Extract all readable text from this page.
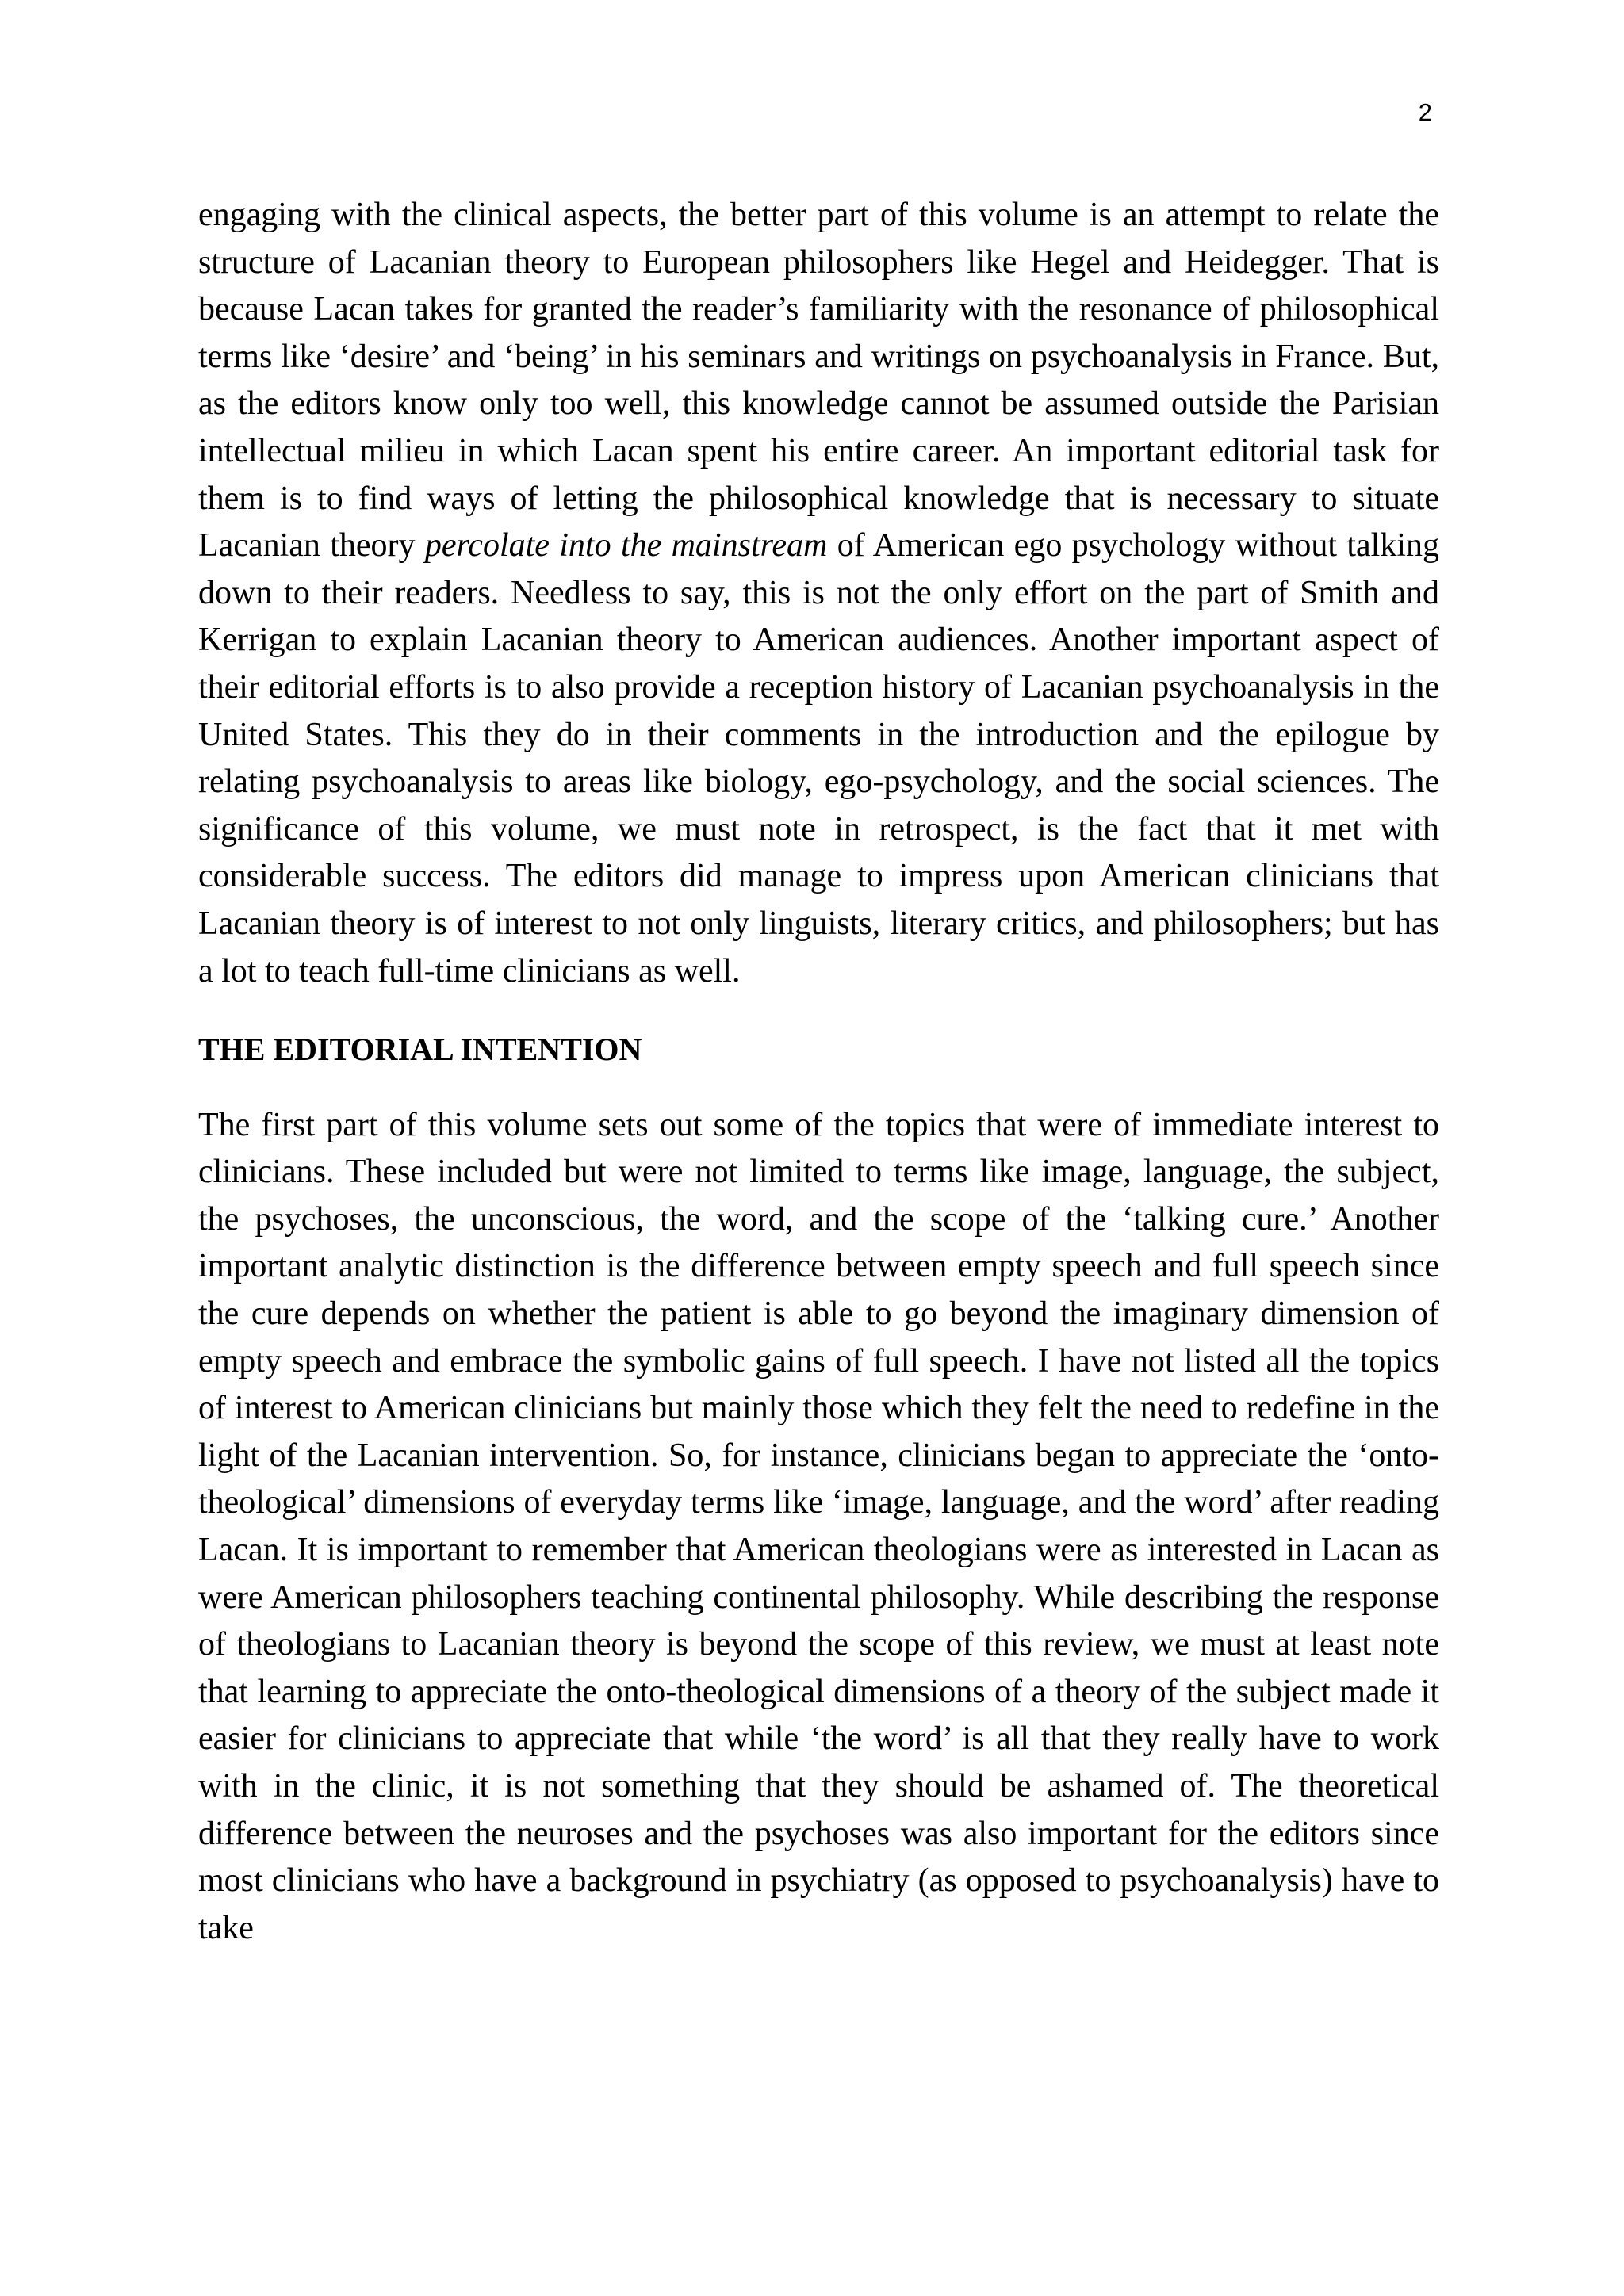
2

engaging with the clinical aspects, the better part of this volume is an attempt to relate the structure of Lacanian theory to European philosophers like Hegel and Heidegger. That is because Lacan takes for granted the reader’s familiarity with the resonance of philosophical terms like ‘desire’ and ‘being’ in his seminars and writings on psychoanalysis in France. But, as the editors know only too well, this knowledge cannot be assumed outside the Parisian intellectual milieu in which Lacan spent his entire career. An important editorial task for them is to find ways of letting the philosophical knowledge that is necessary to situate Lacanian theory percolate into the mainstream of American ego psychology without talking down to their readers. Needless to say, this is not the only effort on the part of Smith and Kerrigan to explain Lacanian theory to American audiences. Another important aspect of their editorial efforts is to also provide a reception history of Lacanian psychoanalysis in the United States. This they do in their comments in the introduction and the epilogue by relating psychoanalysis to areas like biology, ego-psychology, and the social sciences. The significance of this volume, we must note in retrospect, is the fact that it met with considerable success. The editors did manage to impress upon American clinicians that Lacanian theory is of interest to not only linguists, literary critics, and philosophers; but has a lot to teach full-time clinicians as well.

THE EDITORIAL INTENTION

The first part of this volume sets out some of the topics that were of immediate interest to clinicians. These included but were not limited to terms like image, language, the subject, the psychoses, the unconscious, the word, and the scope of the ‘talking cure.’ Another important analytic distinction is the difference between empty speech and full speech since the cure depends on whether the patient is able to go beyond the imaginary dimension of empty speech and embrace the symbolic gains of full speech. I have not listed all the topics of interest to American clinicians but mainly those which they felt the need to redefine in the light of the Lacanian intervention. So, for instance, clinicians began to appreciate the ‘onto-theological’ dimensions of everyday terms like ‘image, language, and the word’ after reading Lacan. It is important to remember that American theologians were as interested in Lacan as were American philosophers teaching continental philosophy. While describing the response of theologians to Lacanian theory is beyond the scope of this review, we must at least note that learning to appreciate the onto-theological dimensions of a theory of the subject made it easier for clinicians to appreciate that while ‘the word’ is all that they really have to work with in the clinic, it is not something that they should be ashamed of. The theoretical difference between the neuroses and the psychoses was also important for the editors since most clinicians who have a background in psychiatry (as opposed to psychoanalysis) have to take
